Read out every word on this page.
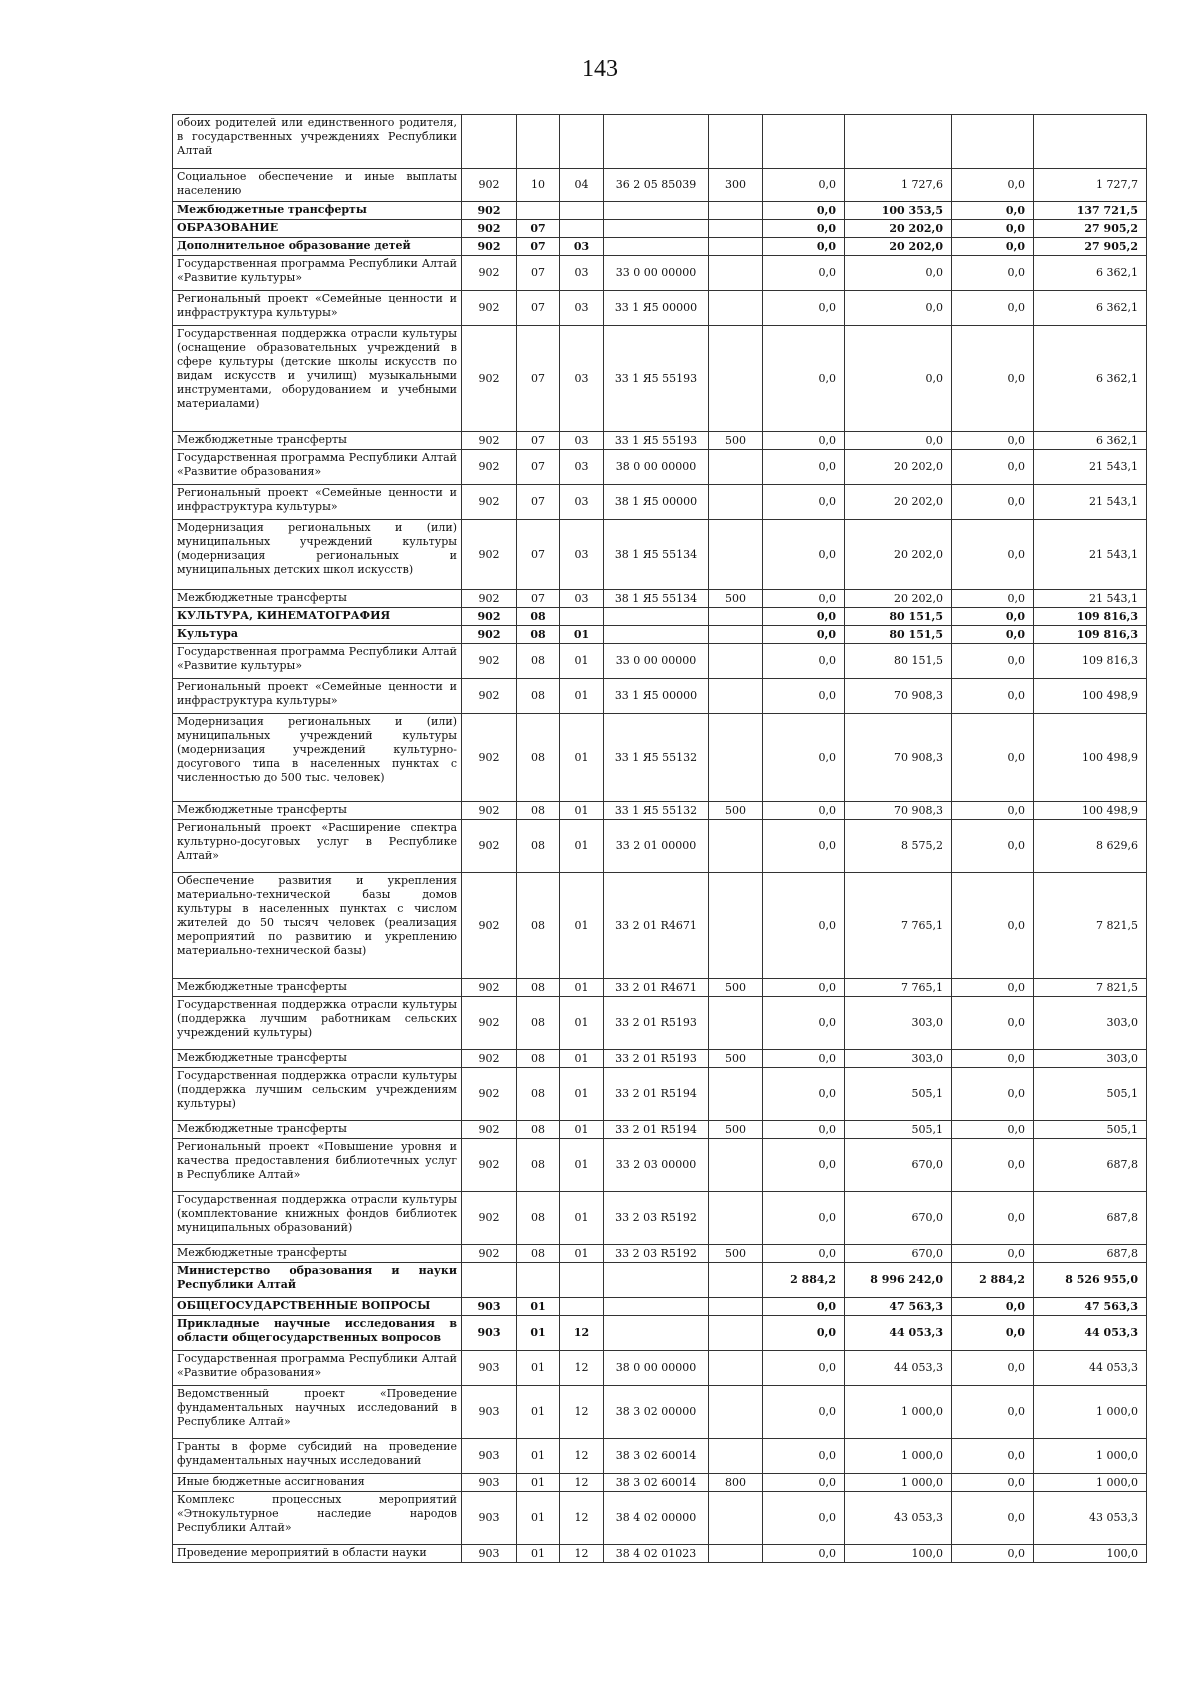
143
обоих родителей или единственного родителя, в государственных учреждениях Республики Алтай									
Социальное обеспечение и иные выплаты населению	902	10	04	36 2 05 85039	300	0,0	1 727,6	0,0	1 727,7
Межбюджетные трансферты	902					0,0	100 353,5	0,0	137 721,5
ОБРАЗОВАНИЕ	902	07				0,0	20 202,0	0,0	27 905,2
Дополнительное образование детей	902	07	03			0,0	20 202,0	0,0	27 905,2
Государственная программа Республики Алтай «Развитие культуры»	902	07	03	33 0 00 00000		0,0	0,0	0,0	6 362,1
Региональный проект «Семейные ценности и инфраструктура культуры»	902	07	03	33 1 Я5 00000		0,0	0,0	0,0	6 362,1
Государственная поддержка отрасли культуры (оснащение образовательных учреждений в сфере культуры (детские школы искусств по видам искусств и училищ) музыкальными инструментами, оборудованием и учебными материалами)	902	07	03	33 1 Я5 55193		0,0	0,0	0,0	6 362,1
Межбюджетные трансферты	902	07	03	33 1 Я5 55193	500	0,0	0,0	0,0	6 362,1
Государственная программа Республики Алтай «Развитие образования»	902	07	03	38 0 00 00000		0,0	20 202,0	0,0	21 543,1
Региональный проект «Семейные ценности и инфраструктура культуры»	902	07	03	38 1 Я5 00000		0,0	20 202,0	0,0	21 543,1
Модернизация региональных и (или) муниципальных учреждений культуры (модернизация региональных и муниципальных детских школ искусств)	902	07	03	38 1 Я5 55134		0,0	20 202,0	0,0	21 543,1
Межбюджетные трансферты	902	07	03	38 1 Я5 55134	500	0,0	20 202,0	0,0	21 543,1
КУЛЬТУРА, КИНЕМАТОГРАФИЯ	902	08				0,0	80 151,5	0,0	109 816,3
Культура	902	08	01			0,0	80 151,5	0,0	109 816,3
Государственная программа Республики Алтай «Развитие культуры»	902	08	01	33 0 00 00000		0,0	80 151,5	0,0	109 816,3
Региональный проект «Семейные ценности и инфраструктура культуры»	902	08	01	33 1 Я5 00000		0,0	70 908,3	0,0	100 498,9
Модернизация региональных и (или) муниципальных учреждений культуры (модернизация учреждений культурно-досугового типа в населенных пунктах с численностью до 500 тыс. человек)	902	08	01	33 1 Я5 55132		0,0	70 908,3	0,0	100 498,9
Межбюджетные трансферты	902	08	01	33 1 Я5 55132	500	0,0	70 908,3	0,0	100 498,9
Региональный проект «Расширение спектра культурно-досуговых услуг в Республике Алтай»	902	08	01	33 2 01 00000		0,0	8 575,2	0,0	8 629,6
Обеспечение развития и укрепления материально-технической базы домов культуры в населенных пунктах с числом жителей до 50 тысяч человек (реализация мероприятий по развитию и укреплению материально-технической базы)	902	08	01	33 2 01 R4671		0,0	7 765,1	0,0	7 821,5
Межбюджетные трансферты	902	08	01	33 2 01 R4671	500	0,0	7 765,1	0,0	7 821,5
Государственная поддержка отрасли культуры (поддержка лучшим работникам сельских учреждений культуры)	902	08	01	33 2 01 R5193		0,0	303,0	0,0	303,0
Межбюджетные трансферты	902	08	01	33 2 01 R5193	500	0,0	303,0	0,0	303,0
Государственная поддержка отрасли культуры (поддержка лучшим сельским учреждениям культуры)	902	08	01	33 2 01 R5194		0,0	505,1	0,0	505,1
Межбюджетные трансферты	902	08	01	33 2 01 R5194	500	0,0	505,1	0,0	505,1
Региональный проект «Повышение уровня и качества предоставления библиотечных услуг в Республике Алтай»	902	08	01	33 2 03 00000		0,0	670,0	0,0	687,8
Государственная поддержка отрасли культуры (комплектование книжных фондов библиотек муниципальных образований)	902	08	01	33 2 03 R5192		0,0	670,0	0,0	687,8
Межбюджетные трансферты	902	08	01	33 2 03 R5192	500	0,0	670,0	0,0	687,8
Министерство образования и науки Республики Алтай						2 884,2	8 996 242,0	2 884,2	8 526 955,0
ОБЩЕГОСУДАРСТВЕННЫЕ ВОПРОСЫ	903	01				0,0	47 563,3	0,0	47 563,3
Прикладные научные исследования в области общегосударственных вопросов	903	01	12			0,0	44 053,3	0,0	44 053,3
Государственная программа Республики Алтай «Развитие образования»	903	01	12	38 0 00 00000		0,0	44 053,3	0,0	44 053,3
Ведомственный проект «Проведение фундаментальных научных исследований в Республике Алтай»	903	01	12	38 3 02 00000		0,0	1 000,0	0,0	1 000,0
Гранты в форме субсидий на проведение фундаментальных научных исследований	903	01	12	38 3 02 60014		0,0	1 000,0	0,0	1 000,0
Иные бюджетные ассигнования	903	01	12	38 3 02 60014	800	0,0	1 000,0	0,0	1 000,0
Комплекс процессных мероприятий «Этнокультурное наследие народов Республики Алтай»	903	01	12	38 4 02 00000		0,0	43 053,3	0,0	43 053,3
Проведение мероприятий в области науки	903	01	12	38 4 02 01023		0,0	100,0	0,0	100,0
